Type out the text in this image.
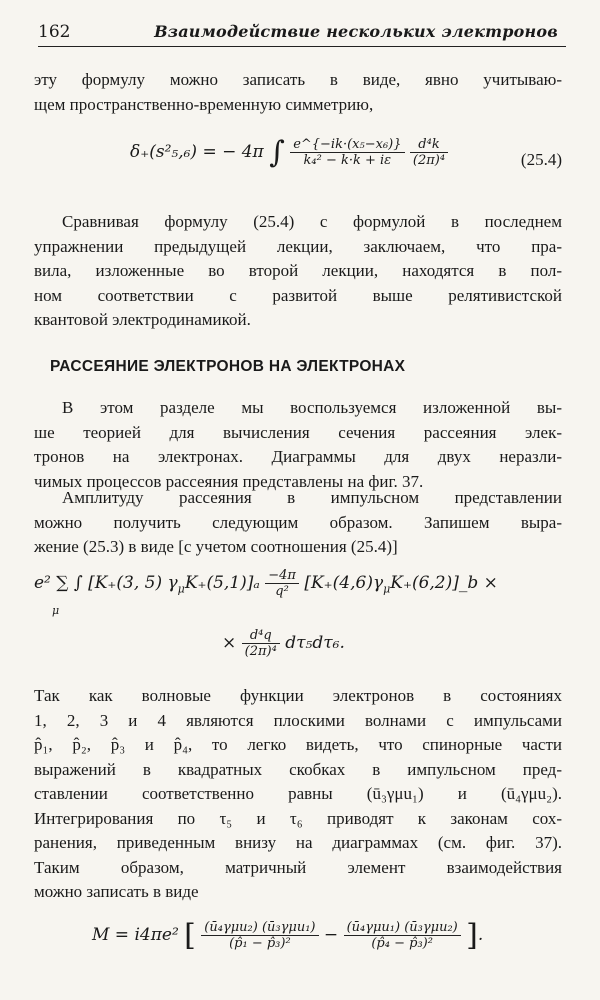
162	Взаимодействие нескольких электронов
эту формулу можно записать в виде, явно учитываю-
щем пространственно-временную симметрию,
δ₊(s²₅,₆) = − 4π ∫ $\frac{\text{e\textasciicircum{}\{−ik·(x₅−x₆)\}}}{\text{k₄² − k·k + iε}}$
$\frac{\text{d⁴k}}{\text{(2π)⁴}}$	(25.4)
Сравнивая формулу (25.4) с формулой в последнем
упражнении предыдущей лекции, заключаем, что пра-
вила, изложенные во второй лекции, находятся в пол-
ном соответствии с развитой выше релятивистской
квантовой электродинамикой.
РАССЕЯНИЕ ЭЛЕКТРОНОВ НА ЭЛЕКТРОНАХ
В этом разделе мы воспользуемся изложенной вы-
ше теорией для вычисления сечения рассеяния элек-
тронов на электронах. Диаграммы для двух неразли-
чимых процессов рассеяния представлены на фиг. 37.
Амплитуду рассеяния в импульсном представлении
можно получить следующим образом. Запишем выра-
жение (25.3) в виде [с учетом соотношения (25.4)]
e² ∑ ∫ [K₊(3, 5) $\gamma_\mu K_+(5,1)]_a \frac{-4\pi}{\text{q²}}$ $[K_+(4,6)\gamma_\mu K_+(6,2)]\_b$ ×
μ
× $\frac{\text{d⁴q}}{\text{(2π)⁴}} d\tau_5d\tau_6$.
Так как волновые функции электронов в состояниях
1, 2, 3 и 4 являются плоскими волнами с импульсами
p̂₁, p̂₂, p̂₃ и p̂₄, то легко видеть, что спинорные части
выражений в квадратных скобках в импульсном пред-
ставлении соответственно равны (ū₃γμu₁) и (ū₄γμu₂).
Интегрирования по τ₅ и τ₆ приводят к законам сох-
ранения, приведенным внизу на диаграммах (см. фиг. 37).
Таким образом, матричный элемент взаимодействия
можно записать в виде
M = i4πe² [ $\frac{\text{(ū₄γμu₂) (ū₃γμu₁)}}{\text{(p̂₁ − p̂₃)²}} - \frac{\text{(ū₄γμu₁) (ū₃γμu₂)}}{\text{(p̂₄ − p̂₃)²}}$ ].
